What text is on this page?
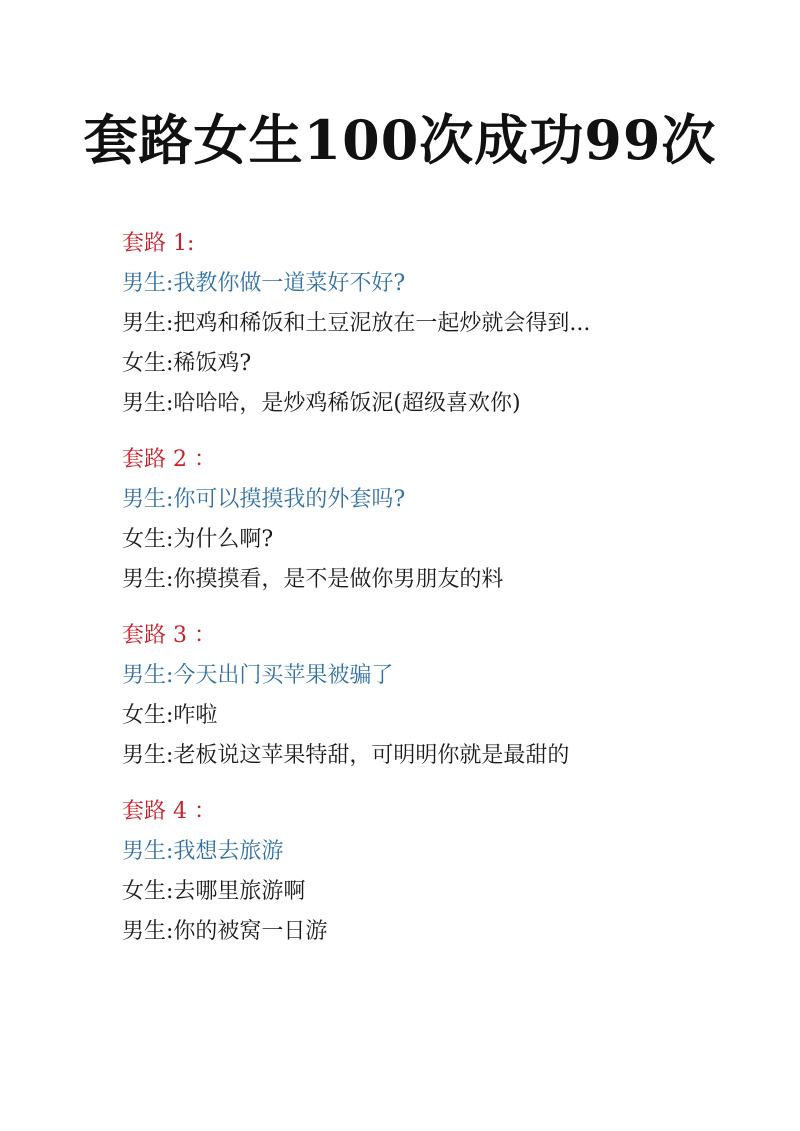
套路女生100次成功99次
套路 1:
男生:我教你做一道菜好不好?
男生:把鸡和稀饭和土豆泥放在一起炒就会得到...
女生:稀饭鸡?
男生:哈哈哈，是炒鸡稀饭泥(超级喜欢你)
套路 2 ：
男生:你可以摸摸我的外套吗?
女生:为什么啊?
男生:你摸摸看，是不是做你男朋友的料
套路 3 ：
男生:今天出门买苹果被骗了
女生:咋啦
男生:老板说这苹果特甜，可明明你就是最甜的
套路 4 ：
男生:我想去旅游
女生:去哪里旅游啊
男生:你的被窝一日游
